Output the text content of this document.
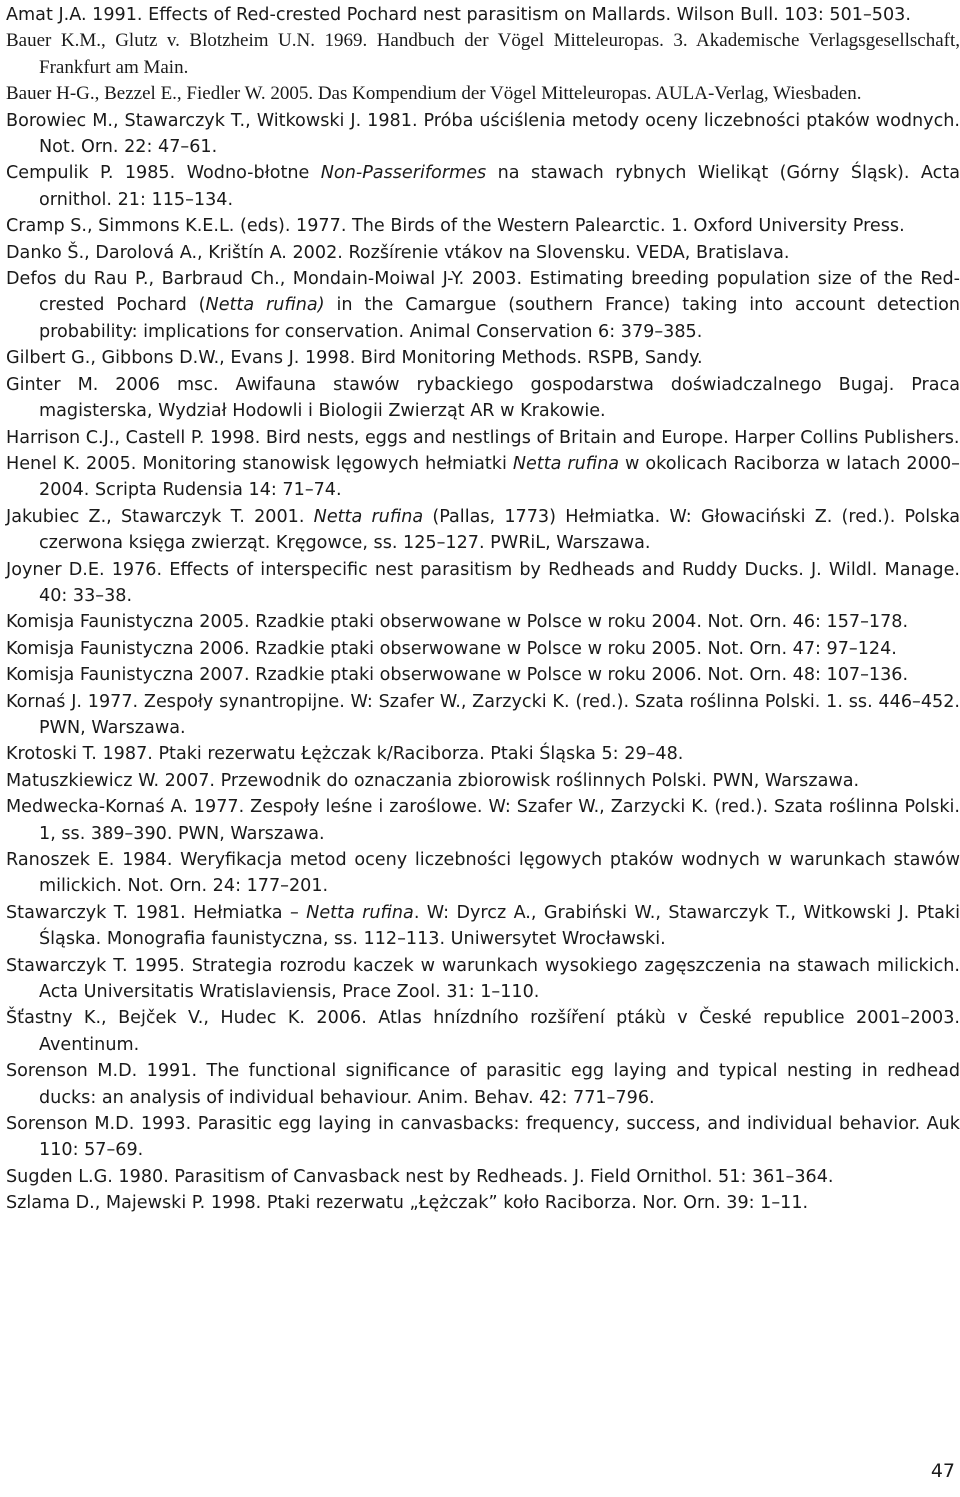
Amat J.A. 1991. Effects of Red-crested Pochard nest parasitism on Mallards. Wilson Bull. 103: 501–503.
Bauer K.M., Glutz v. Blotzheim U.N. 1969. Handbuch der Vögel Mitteleuropas. 3. Akademische Verlagsgesellschaft, Frankfurt am Main.
Bauer H-G., Bezzel E., Fiedler W. 2005. Das Kompendium der Vögel Mitteleuropas. AULA-Verlag, Wiesbaden.
Borowiec M., Stawarczyk T., Witkowski J. 1981. Próba uściślenia metody oceny liczebności ptaków wodnych. Not. Orn. 22: 47–61.
Cempulik P. 1985. Wodno-błotne Non-Passeriformes na stawach rybnych Wielikąt (Górny Śląsk). Acta ornithol. 21: 115–134.
Cramp S., Simmons K.E.L. (eds). 1977. The Birds of the Western Palearctic. 1. Oxford University Press.
Danko Š., Darolová A., Krištín A. 2002. Rozšírenie vtákov na Slovensku. VEDA, Bratislava.
Defos du Rau P., Barbraud Ch., Mondain-Moiwal J-Y. 2003. Estimating breeding population size of the Red-crested Pochard (Netta rufina) in the Camargue (southern France) taking into account detection probability: implications for conservation. Animal Conservation 6: 379–385.
Gilbert G., Gibbons D.W., Evans J. 1998. Bird Monitoring Methods. RSPB, Sandy.
Ginter M. 2006 msc. Awifauna stawów rybackiego gospodarstwa doświadczalnego Bugaj. Praca magisterska, Wydział Hodowli i Biologii Zwierząt AR w Krakowie.
Harrison C.J., Castell P. 1998. Bird nests, eggs and nestlings of Britain and Europe. Harper Collins Publishers.
Henel K. 2005. Monitoring stanowisk lęgowych hełmiatki Netta rufina w okolicach Raciborza w latach 2000–2004. Scripta Rudensia 14: 71–74.
Jakubiec Z., Stawarczyk T. 2001. Netta rufina (Pallas, 1773) Hełmiatka. W: Głowaciński Z. (red.). Polska czerwona księga zwierząt. Kręgowce, ss. 125–127. PWRiL, Warszawa.
Joyner D.E. 1976. Effects of interspecific nest parasitism by Redheads and Ruddy Ducks. J. Wildl. Manage. 40: 33–38.
Komisja Faunistyczna 2005. Rzadkie ptaki obserwowane w Polsce w roku 2004. Not. Orn. 46: 157–178.
Komisja Faunistyczna 2006. Rzadkie ptaki obserwowane w Polsce w roku 2005. Not. Orn. 47: 97–124.
Komisja Faunistyczna 2007. Rzadkie ptaki obserwowane w Polsce w roku 2006. Not. Orn. 48: 107–136.
Kornaś J. 1977. Zespoły synantropijne. W: Szafer W., Zarzycki K. (red.). Szata roślinna Polski. 1. ss. 446–452. PWN, Warszawa.
Krotoski T. 1987. Ptaki rezerwatu Łężczak k/Raciborza. Ptaki Śląska 5: 29–48.
Matuszkiewicz W. 2007. Przewodnik do oznaczania zbiorowisk roślinnych Polski. PWN, Warszawa.
Medwecka-Kornaś A. 1977. Zespoły leśne i zaroślowe. W: Szafer W., Zarzycki K. (red.). Szata roślinna Polski. 1, ss. 389–390. PWN, Warszawa.
Ranoszek E. 1984. Weryfikacja metod oceny liczebności lęgowych ptaków wodnych w warunkach stawów milickich. Not. Orn. 24: 177–201.
Stawarczyk T. 1981. Hełmiatka – Netta rufina. W: Dyrcz A., Grabiński W., Stawarczyk T., Witkowski J. Ptaki Śląska. Monografia faunistyczna, ss. 112–113. Uniwersytet Wrocławski.
Stawarczyk T. 1995. Strategia rozrodu kaczek w warunkach wysokiego zagęszczenia na stawach milickich. Acta Universitatis Wratislaviensis, Prace Zool. 31: 1–110.
Šťastny K., Bejček V., Hudec K. 2006. Atlas hnízdního rozšíření ptákù v České republice 2001–2003. Aventinum.
Sorenson M.D. 1991. The functional significance of parasitic egg laying and typical nesting in redhead ducks: an analysis of individual behaviour. Anim. Behav. 42: 771–796.
Sorenson M.D. 1993. Parasitic egg laying in canvasbacks: frequency, success, and individual behavior. Auk 110: 57–69.
Sugden L.G. 1980. Parasitism of Canvasback nest by Redheads. J. Field Ornithol. 51: 361–364.
Szlama D., Majewski P. 1998. Ptaki rezerwatu „Łężczak” koło Raciborza. Nor. Orn. 39: 1–11.
47
